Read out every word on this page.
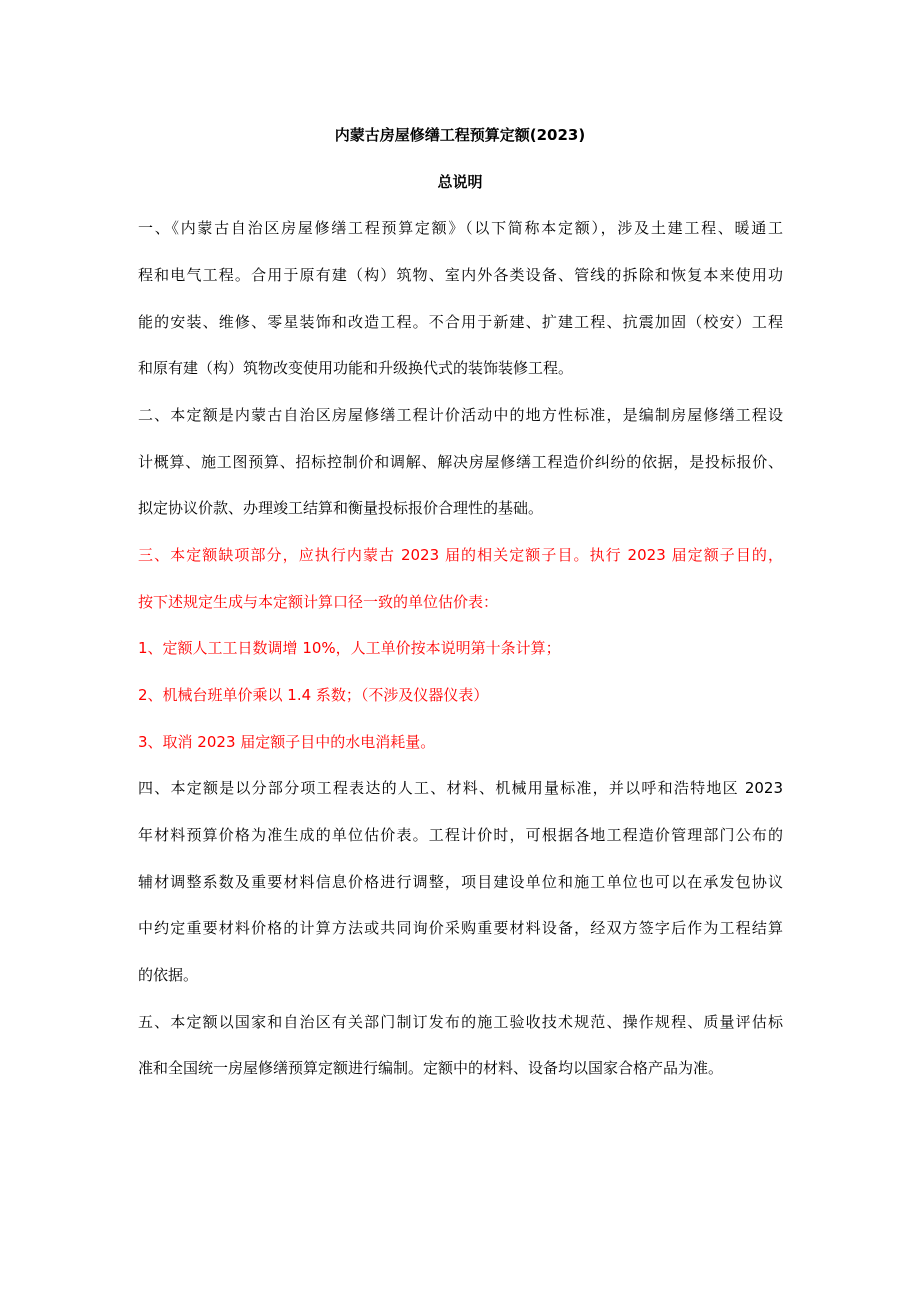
内蒙古房屋修缮工程预算定额(2023)
总说明
一、《内蒙古自治区房屋修缮工程预算定额》（以下简称本定额），涉及土建工程、暖通工
程和电气工程。合用于原有建（构）筑物、室内外各类设备、管线的拆除和恢复本来使用功
能的安装、维修、零星装饰和改造工程。不合用于新建、扩建工程、抗震加固（校安）工程
和原有建（构）筑物改变使用功能和升级换代式的装饰装修工程。
二、本定额是内蒙古自治区房屋修缮工程计价活动中的地方性标准，是编制房屋修缮工程设
计概算、施工图预算、招标控制价和调解、解决房屋修缮工程造价纠纷的依据，是投标报价、
拟定协议价款、办理竣工结算和衡量投标报价合理性的基础。
三、本定额缺项部分，应执行内蒙古 2023 届的相关定额子目。执行 2023 届定额子目的，
按下述规定生成与本定额计算口径一致的单位估价表：
1、定额人工工日数调增 10%，人工单价按本说明第十条计算；
2、机械台班单价乘以 1.4 系数；（不涉及仪器仪表）
3、取消 2023 届定额子目中的水电消耗量。
四、本定额是以分部分项工程表达的人工、材料、机械用量标准，并以呼和浩特地区 2023
年材料预算价格为准生成的单位估价表。工程计价时，可根据各地工程造价管理部门公布的
辅材调整系数及重要材料信息价格进行调整，项目建设单位和施工单位也可以在承发包协议
中约定重要材料价格的计算方法或共同询价采购重要材料设备，经双方签字后作为工程结算
的依据。
五、本定额以国家和自治区有关部门制订发布的施工验收技术规范、操作规程、质量评估标
准和全国统一房屋修缮预算定额进行编制。定额中的材料、设备均以国家合格产品为准。
